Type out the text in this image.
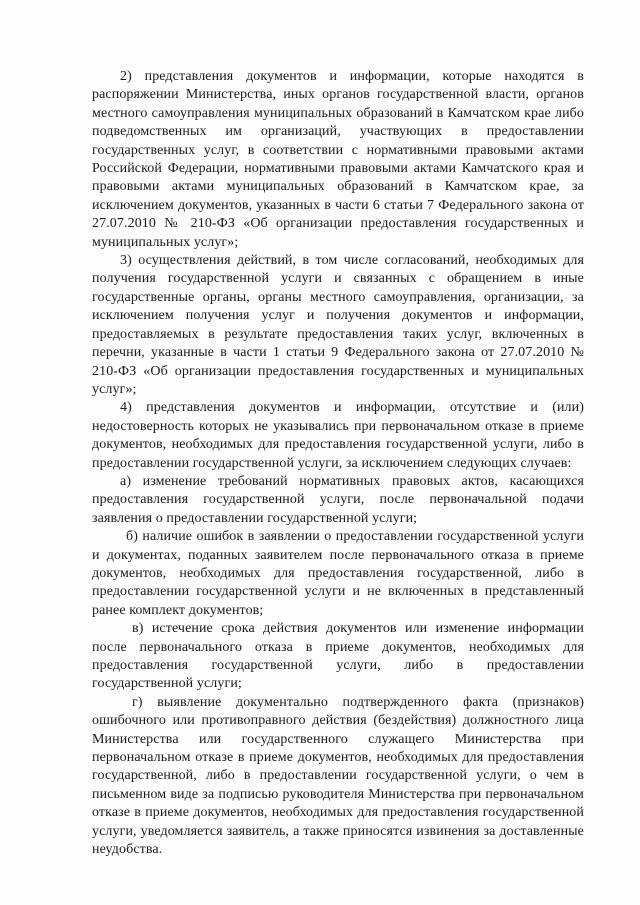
2) представления документов и информации, которые находятся в распоряжении Министерства, иных органов государственной власти, органов местного самоуправления муниципальных образований в Камчатском крае либо подведомственных им организаций, участвующих в предоставлении государственных услуг, в соответствии с нормативными правовыми актами Российской Федерации, нормативными правовыми актами Камчатского края и правовыми актами муниципальных образований в Камчатском крае, за исключением документов, указанных в части 6 статьи 7 Федерального закона от 27.07.2010 № 210-ФЗ «Об организации предоставления государственных и муниципальных услуг»;

3) осуществления действий, в том числе согласований, необходимых для получения государственной услуги и связанных с обращением в иные государственные органы, органы местного самоуправления, организации, за исключением получения услуг и получения документов и информации, предоставляемых в результате предоставления таких услуг, включенных в перечни, указанные в части 1 статьи 9 Федерального закона от 27.07.2010 № 210-ФЗ «Об организации предоставления государственных и муниципальных услуг»;

4) представления документов и информации, отсутствие и (или) недостоверность которых не указывались при первоначальном отказе в приеме документов, необходимых для предоставления государственной услуги, либо в предоставлении государственной услуги, за исключением следующих случаев:

а) изменение требований нормативных правовых актов, касающихся предоставления государственной услуги, после первоначальной подачи заявления о предоставлении государственной услуги;

б) наличие ошибок в заявлении о предоставлении государственной услуги и документах, поданных заявителем после первоначального отказа в приеме документов, необходимых для предоставления государственной, либо в предоставлении государственной услуги и не включенных в представленный ранее комплект документов;

в) истечение срока действия документов или изменение информации после первоначального отказа в приеме документов, необходимых для предоставления государственной услуги, либо в предоставлении государственной услуги;

г) выявление документально подтвержденного факта (признаков) ошибочного или противоправного действия (бездействия) должностного лица Министерства или государственного служащего Министерства при первоначальном отказе в приеме документов, необходимых для предоставления государственной, либо в предоставлении государственной услуги, о чем в письменном виде за подписью руководителя Министерства при первоначальном отказе в приеме документов, необходимых для предоставления государственной услуги, уведомляется заявитель, а также приносятся извинения за доставленные неудобства.
